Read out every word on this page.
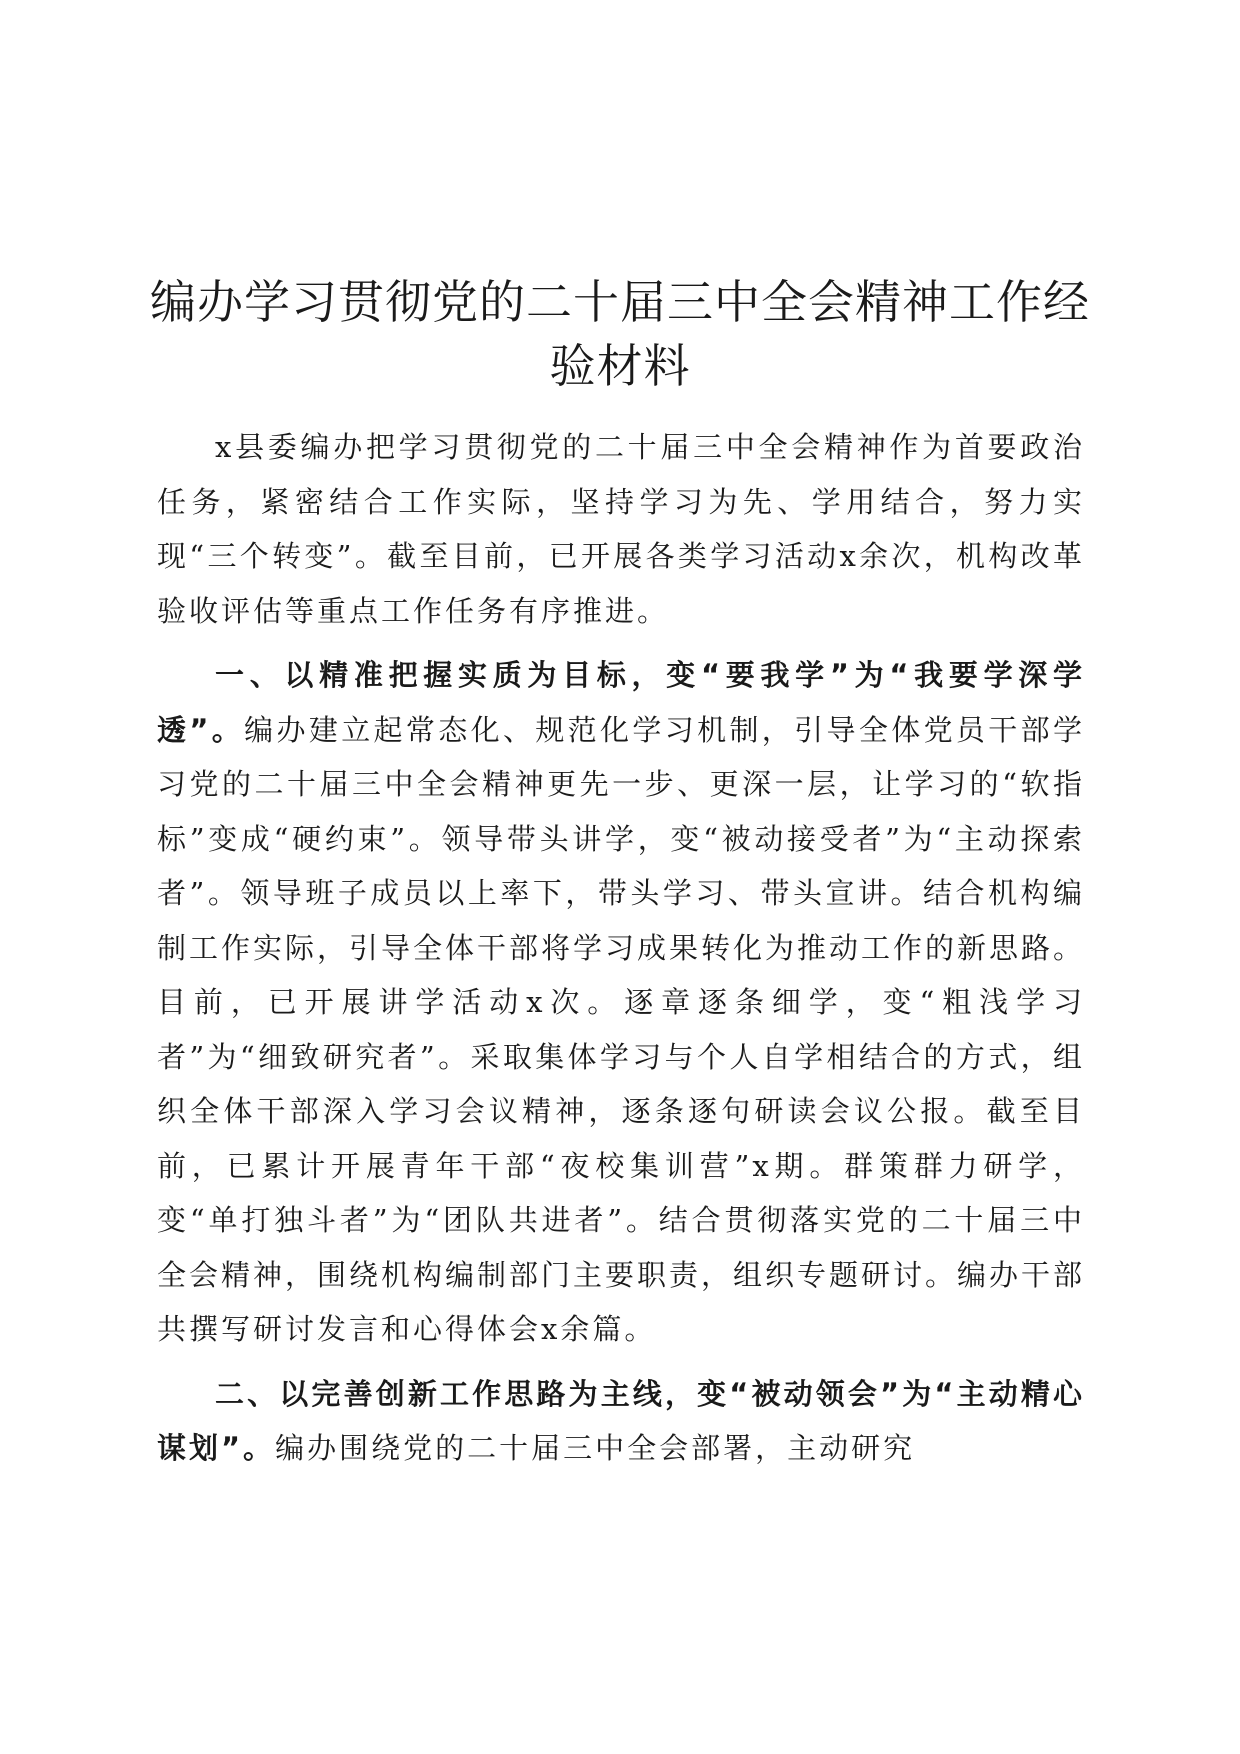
编办学习贯彻党的二十届三中全会精神工作经验材料

x县委编办把学习贯彻党的二十届三中全会精神作为首要政治任务，紧密结合工作实际，坚持学习为先、学用结合，努力实现“三个转变”。截至目前，已开展各类学习活动x余次，机构改革验收评估等重点工作任务有序推进。

一、以精准把握实质为目标，变“要我学”为“我要学深学透”。编办建立起常态化、规范化学习机制，引导全体党员干部学习党的二十届三中全会精神更先一步、更深一层，让学习的“软指标”变成“硬约束”。领导带头讲学，变“被动接受者”为“主动探索者”。领导班子成员以上率下，带头学习、带头宣讲。结合机构编制工作实际，引导全体干部将学习成果转化为推动工作的新思路。目前，已开展讲学活动x次。逐章逐条细学，变“粗浅学习者”为“细致研究者”。采取集体学习与个人自学相结合的方式，组织全体干部深入学习会议精神，逐条逐句研读会议公报。截至目前，已累计开展青年干部“夜校集训营”x期。群策群力研学，变“单打独斗者”为“团队共进者”。结合贯彻落实党的二十届三中全会精神，围绕机构编制部门主要职责，组织专题研讨。编办干部共撰写研讨发言和心得体会x余篇。

二、以完善创新工作思路为主线，变“被动领会”为“主动精心谋划”。编办围绕党的二十届三中全会部署，主动研究
